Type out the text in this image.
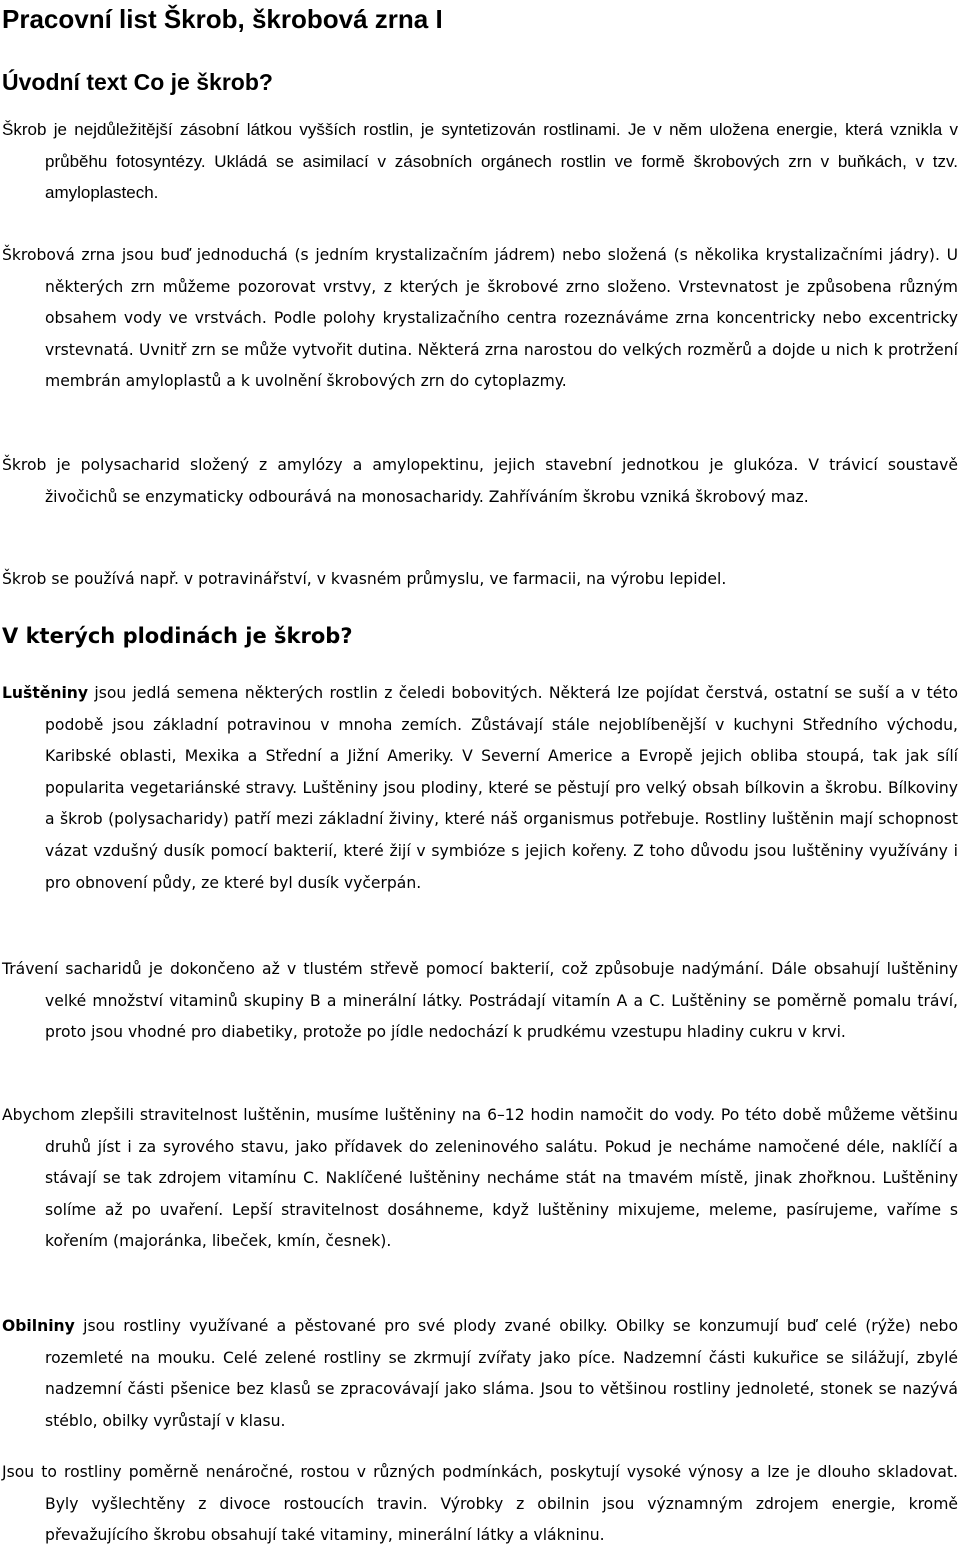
Pracovní list Škrob, škrobová zrna I
Úvodní text Co je škrob?

Škrob je nejdůležitější zásobní látkou vyšších rostlin, je syntetizován rostlinami. Je v něm uložena energie, která vznikla v průběhu fotosyntézy. Ukládá se asimilací v zásobních orgánech rostlin ve formě škrobových zrn v buňkách, v tzv. amyloplastech.

Škrobová zrna jsou buď jednoduchá (s jedním krystalizačním jádrem) nebo složená (s několika krystalizačními jádry). U některých zrn můžeme pozorovat vrstvy, z kterých je škrobové zrno složeno. Vrstevnatost je způsobena různým obsahem vody ve vrstvách. Podle polohy krystalizačního centra rozeznáváme zrna koncentricky nebo excentricky vrstevnatá. Uvnitř zrn se může vytvořit dutina. Některá zrna narostou do velkých rozměrů a dojde u nich k protržení membrán amyloplastů a k uvolnění škrobových zrn do cytoplazmy.

Škrob je polysacharid složený z amylózy a amylopektinu, jejich stavební jednotkou je glukóza. V trávicí soustavě živočichů se enzymaticky odbourává na monosacharidy. Zahříváním škrobu vzniká škrobový maz.

Škrob se používá např. v potravinářství, v kvasném průmyslu, ve farmacii, na výrobu lepidel.

V kterých plodinách je škrob?

Luštěniny jsou jedlá semena některých rostlin z čeledi bobovitých. Některá lze pojídat čerstvá, ostatní se suší a v této podobě jsou základní potravinou v mnoha zemích. Zůstávají stále nejoblíbenější v kuchyni Středního východu, Karibské oblasti, Mexika a Střední a Jižní Ameriky. V Severní Americe a Evropě jejich obliba stoupá, tak jak sílí popularita vegetariánské stravy. Luštěniny jsou plodiny, které se pěstují pro velký obsah bílkovin a škrobu. Bílkoviny a škrob (polysacharidy) patří mezi základní živiny, které náš organismus potřebuje. Rostliny luštěnin mají schopnost vázat vzdušný dusík pomocí bakterií, které žijí v symbióze s jejich kořeny. Z toho důvodu jsou luštěniny využívány i pro obnovení půdy, ze které byl dusík vyčerpán.

Trávení sacharidů je dokončeno až v tlustém střevě pomocí bakterií, což způsobuje nadýmání. Dále obsahují luštěniny velké množství vitaminů skupiny B a minerální látky. Postrádají vitamín A a C. Luštěniny se poměrně pomalu tráví, proto jsou vhodné pro diabetiky, protože po jídle nedochází k prudkému vzestupu hladiny cukru v krvi.

Abychom zlepšili stravitelnost luštěnin, musíme luštěniny na 6–12 hodin namočit do vody. Po této době můžeme většinu druhů jíst i za syrového stavu, jako přídavek do zeleninového salátu. Pokud je necháme namočené déle, naklíčí a stávají se tak zdrojem vitamínu C. Naklíčené luštěniny necháme stát na tmavém místě, jinak zhořknou. Luštěniny solíme až po uvaření. Lepší stravitelnost dosáhneme, když luštěniny mixujeme, meleme, pasírujeme, vaříme s kořením (majoránka, libeček, kmín, česnek).

Obilniny jsou rostliny využívané a pěstované pro své plody zvané obilky. Obilky se konzumují buď celé (rýže) nebo rozemleté na mouku. Celé zelené rostliny se zkrmují zvířaty jako píce. Nadzemní části kukuřice se silážují, zbylé nadzemní části pšenice bez klasů se zpracovávají jako sláma. Jsou to většinou rostliny jednoleté, stonek se nazývá stéblo, obilky vyrůstají v klasu.

Jsou to rostliny poměrně nenáročné, rostou v různých podmínkách, poskytují vysoké výnosy a lze je dlouho skladovat. Byly vyšlechtěny z divoce rostoucích travin. Výrobky z obilnin jsou významným zdrojem energie, kromě převažujícího škrobu obsahují také vitaminy, minerální látky a vlákninu.
